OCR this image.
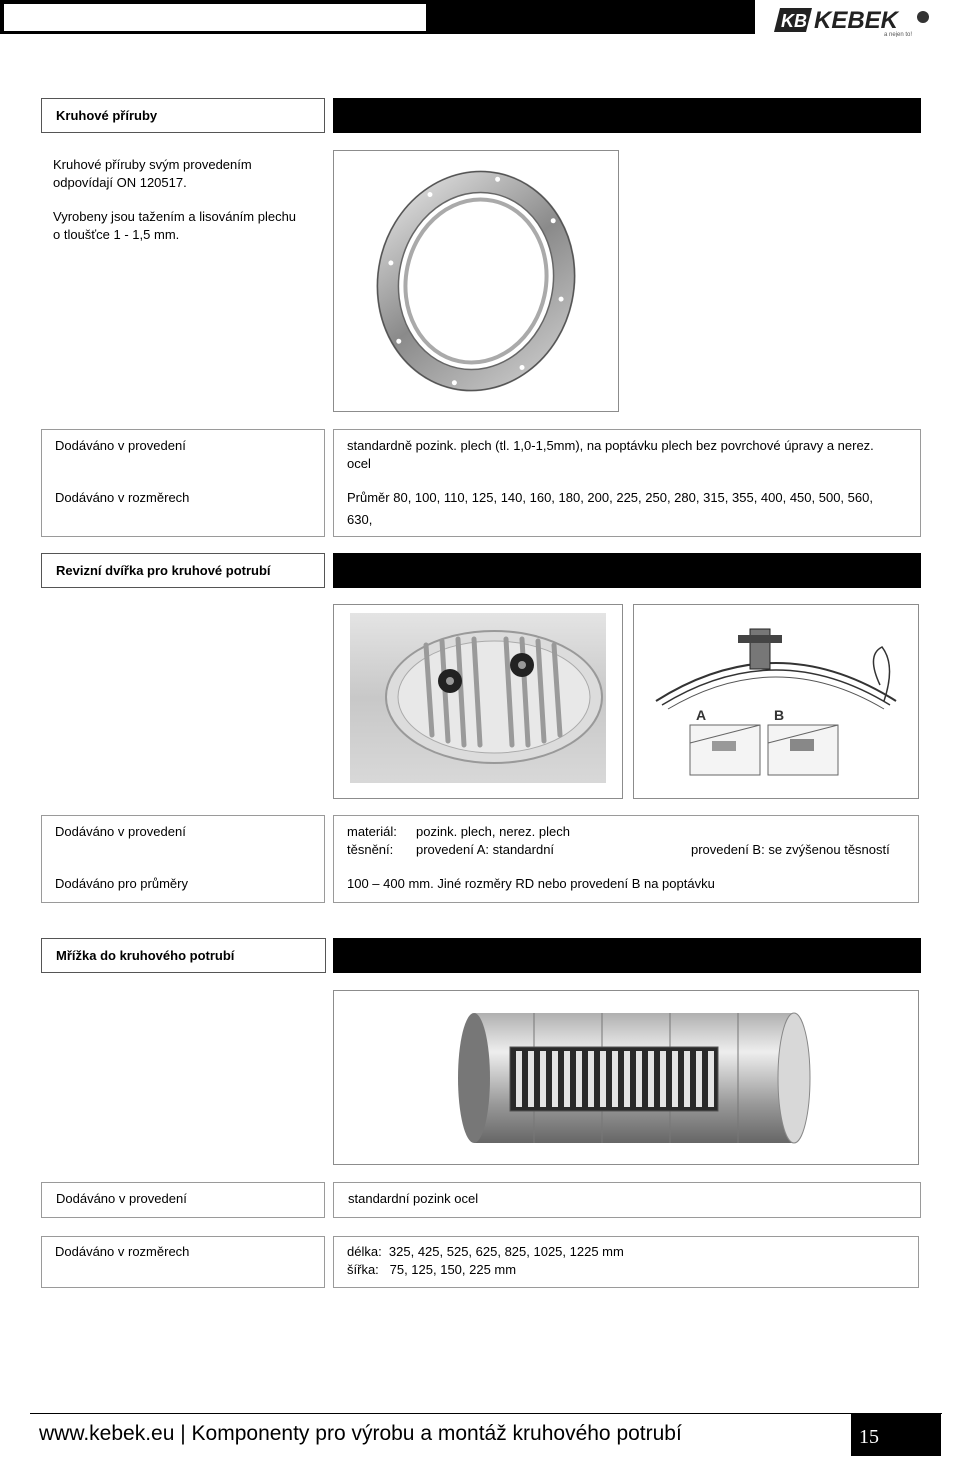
KB KEBEK
a nejen to!
Kruhové příruby
Kruhové příruby svým provedením
odpovídají ON 120517.
Vyrobeny jsou tažením a lisováním plechu
o tloušťce 1 - 1,5 mm.
Dodáváno v provedení	standardně pozink. plech (tl. 1,0-1,5mm), na poptávku plech bez povrchové úpravy a nerez.
ocel
Dodáváno v rozměrech	Průměr 80, 100, 110, 125, 140, 160, 180, 200, 225, 250, 280, 315, 355, 400, 450, 500, 560,
630,
Revizní dvířka pro kruhové potrubí
A	B
Dodáváno v provedení	materiál: pozink. plech, nerez. plech
těsnění: provedení A: standardní	provedení B: se zvýšenou těsností
Dodáváno pro průměry	100 – 400 mm. Jiné rozměry RD nebo provedení B na poptávku
Mřížka do kruhového potrubí
Dodáváno v provedení	standardní pozink ocel
Dodáváno v rozměrech	délka:  325, 425, 525, 625, 825, 1025, 1225 mm
šířka:   75, 125, 150, 225 mm
www.kebek.eu | Komponenty pro výrobu a montáž kruhového potrubí	15
